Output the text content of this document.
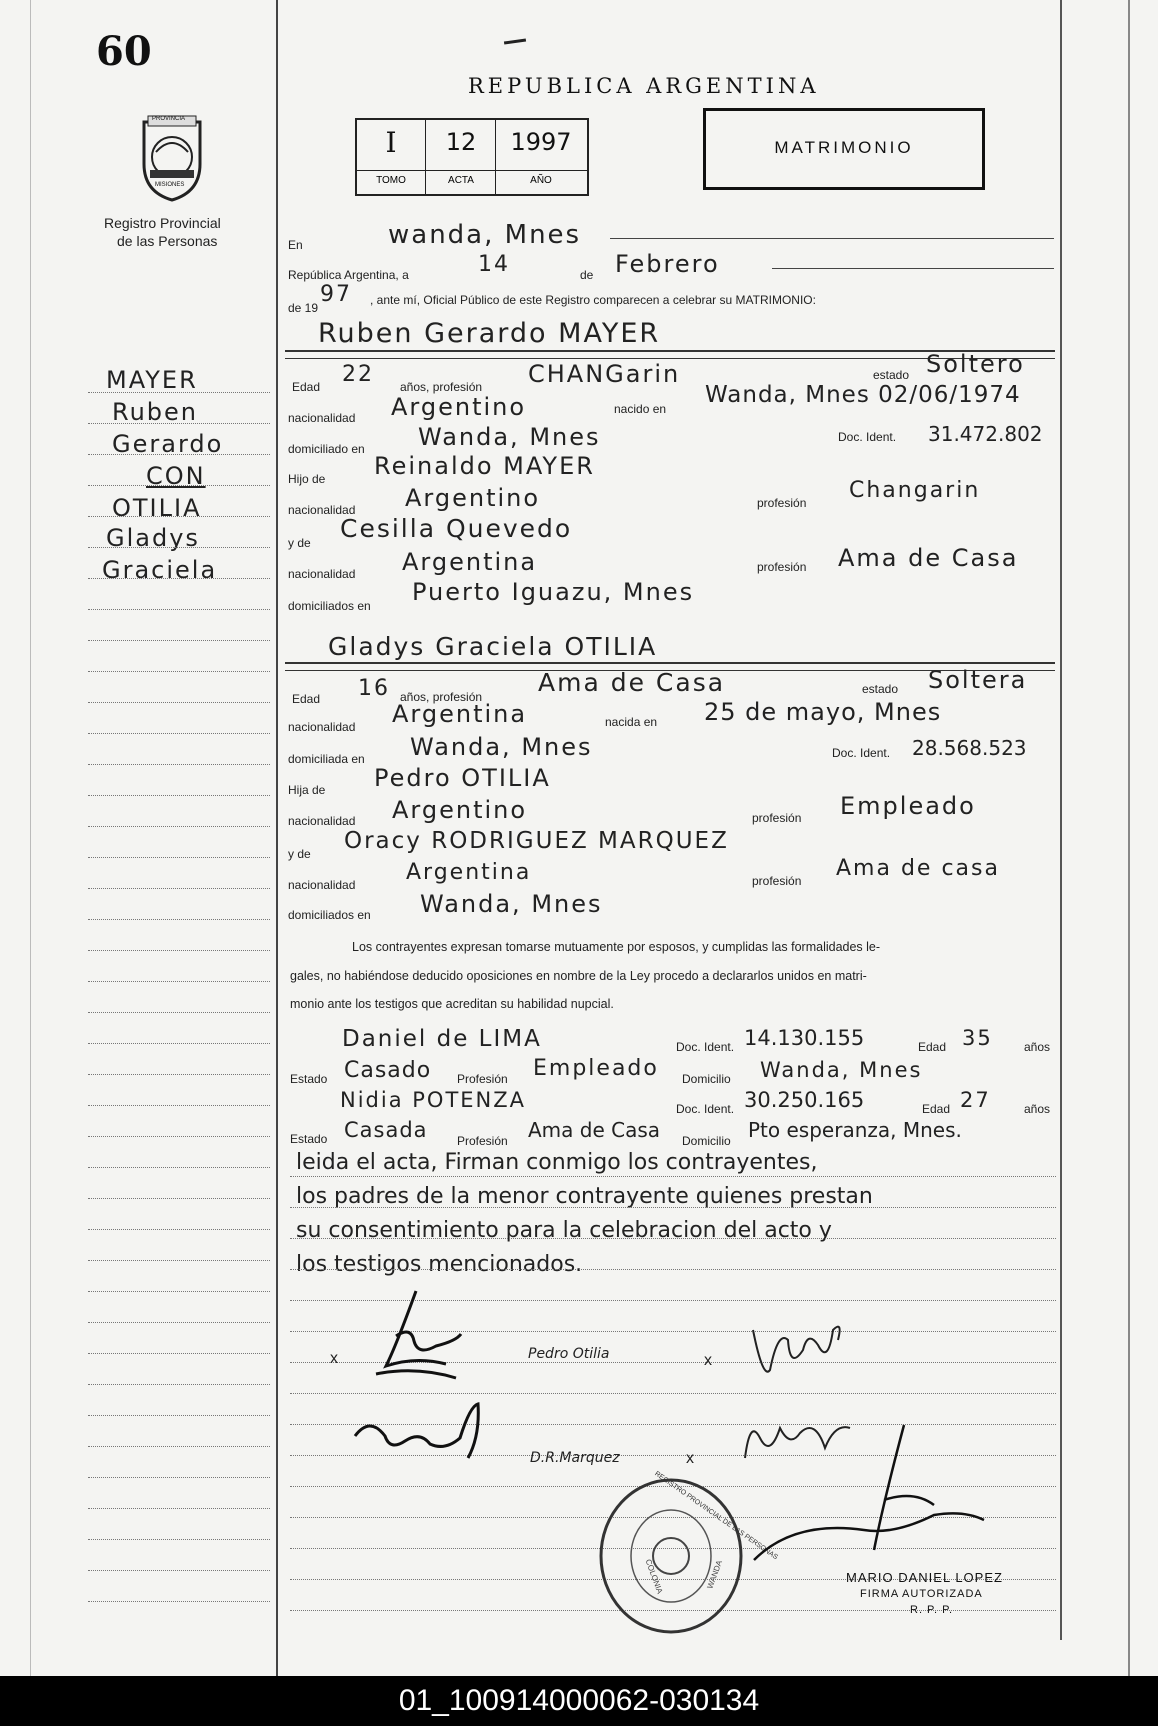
60
PROVINCIA
MISIONES
Registro Provincial
de las Personas
REPUBLICA ARGENTINA
I	12	1997
TOMO	ACTA	AÑO
MATRIMONIO
MAYER
Ruben
Gerardo
CON
OTILIA
Gladys
Graciela
En	wanda, Mnes
República Argentina, a	14	de Febrero
de 19
97 , ante mí, Oficial Público de este Registro comparecen a celebrar su MATRIMONIO:
Ruben Gerardo MAYER
Edad 22 años, profesión CHANGarin	estado Soltero
nacionalidad Argentino	nacido en
Wanda, Mnes 02/06/1974
domiciliado en Wanda, Mnes	Doc. Ident. 31.472.802
Hijo de Reinaldo MAYER
nacionalidad Argentino	profesión Changarin
y de Cesilla Quevedo
nacionalidad Argentina	profesión Ama de Casa
domiciliados en Puerto Iguazu, Mnes
Gladys Graciela OTILIA
Edad 16 años, profesión Ama de Casa	estado Soltera
nacionalidad Argentina	nacida en 25 de mayo, Mnes
domiciliada en Wanda, Mnes	Doc. Ident. 28.568.523
Hija de Pedro OTILIA
nacionalidad Argentino	profesión Empleado
y de Oracy RODRIGUEZ MARQUEZ
nacionalidad Argentina	profesión Ama de casa
domiciliados en Wanda, Mnes
Los contrayentes expresan tomarse mutuamente por esposos, y cumplidas las formalidades le-
gales, no habiéndose deducido oposiciones en nombre de la Ley procedo a declararlos unidos en matri-
monio ante los testigos que acreditan su habilidad nupcial.
Daniel de LIMA	Doc. Ident. 14.130.155	Edad 35	años
Estado Casado Profesión Empleado Domicilio Wanda, Mnes
Nidia POTENZA	Doc. Ident. 30.250.165	Edad 27	años
Estado Casada Profesión Ama de Casa Domicilio Pto esperanza, Mnes.
leida el acta, Firman conmigo los contrayentes,
los padres de la menor contrayente quienes prestan
su consentimiento para la celebracion del acto y
los testigos mencionados.
x	Pedro Otilia	x
D.R.Marquez	x
REGISTRO PROVINCIAL DE LAS PERSONAS
COLONIA	WANDA	MARIO DANIEL LOPEZ
FIRMA AUTORIZADA
R. P. P.
01_100914000062-030134
